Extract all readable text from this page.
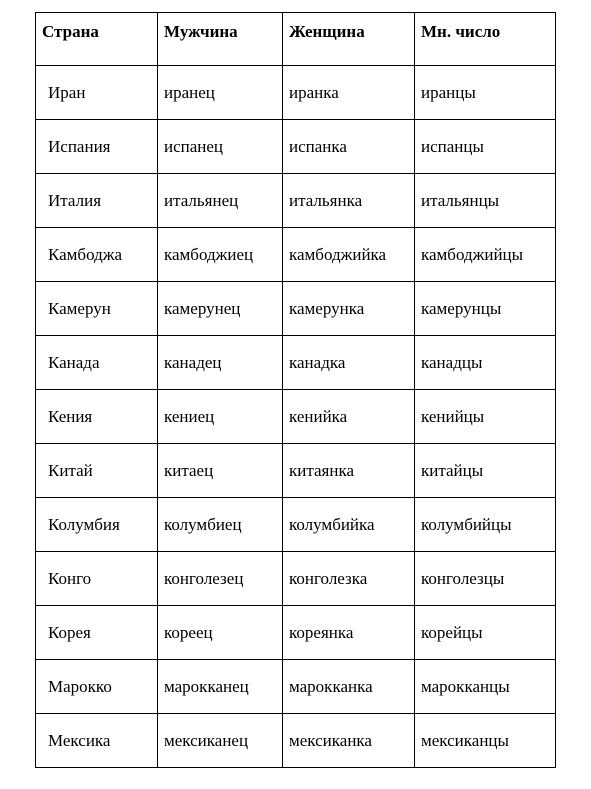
Страна	Мужчина	Женщина	Мн. число
Иран	иранец	иранка	иранцы
Испания	испанец	испанка	испанцы
Италия	итальянец	итальянка	итальянцы
Камбоджа	камбоджиец	камбоджийка	камбоджийцы
Камерун	камерунец	камерунка	камерунцы
Канада	канадец	канадка	канадцы
Кения	кениец	кенийка	кенийцы
Китай	китаец	китаянка	китайцы
Колумбия	колумбиец	колумбийка	колумбийцы
Конго	конголезец	конголезка	конголезцы
Корея	кореец	кореянка	корейцы
Марокко	марокканец	марокканка	марокканцы
Мексика	мексиканец	мексиканка	мексиканцы
